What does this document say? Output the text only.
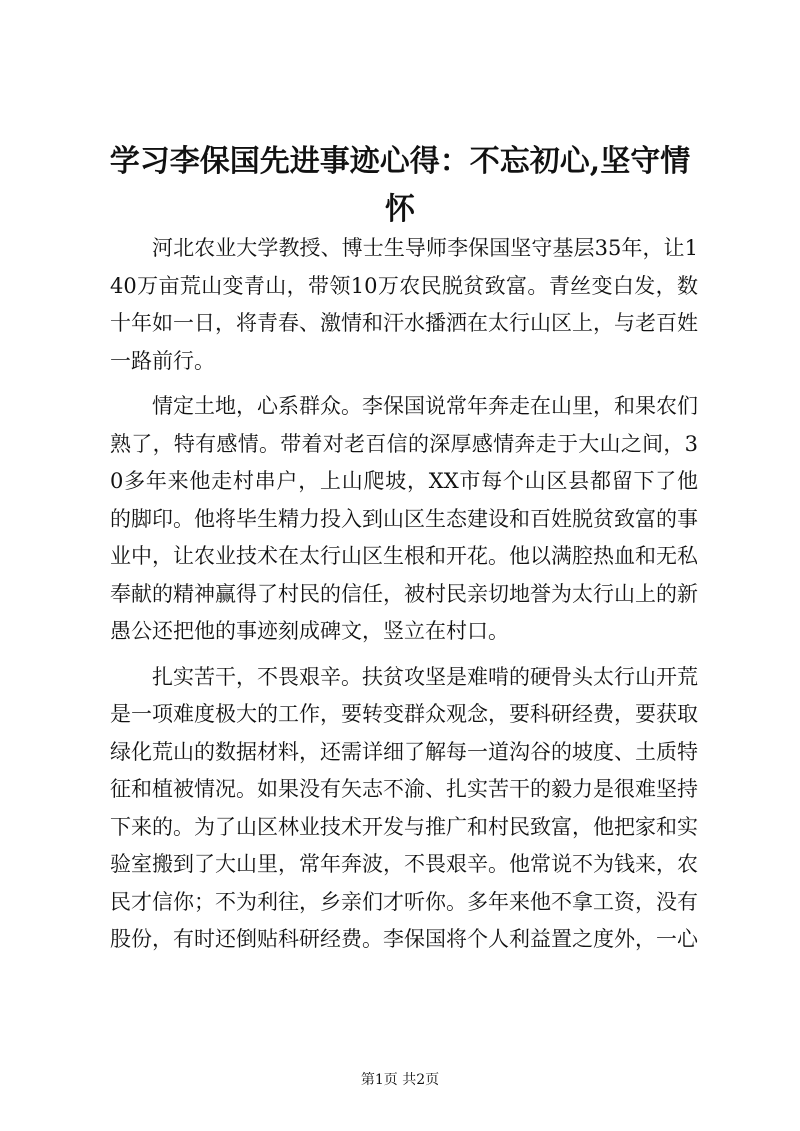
学习李保国先进事迹心得：不忘初心,坚守情怀

河北农业大学教授、博士生导师李保国坚守基层35年，让140万亩荒山变青山，带领10万农民脱贫致富。青丝变白发，数十年如一日，将青春、激情和汗水播洒在太行山区上，与老百姓一路前行。

情定土地，心系群众。李保国说常年奔走在山里，和果农们熟了，特有感情。带着对老百信的深厚感情奔走于大山之间，30多年来他走村串户，上山爬坡，XX市每个山区县都留下了他的脚印。他将毕生精力投入到山区生态建设和百姓脱贫致富的事业中，让农业技术在太行山区生根和开花。他以满腔热血和无私奉献的精神赢得了村民的信任，被村民亲切地誉为太行山上的新愚公还把他的事迹刻成碑文，竖立在村口。

扎实苦干，不畏艰辛。扶贫攻坚是难啃的硬骨头太行山开荒是一项难度极大的工作，要转变群众观念，要科研经费，要获取绿化荒山的数据材料，还需详细了解每一道沟谷的坡度、土质特征和植被情况。如果没有矢志不渝、扎实苦干的毅力是很难坚持下来的。为了山区林业技术开发与推广和村民致富，他把家和实验室搬到了大山里，常年奔波，不畏艰辛。他常说不为钱来，农民才信你；不为利往，乡亲们才听你。多年来他不拿工资，没有股份，有时还倒贴科研经费。李保国将个人利益置之度外，一心

第1页 共2页
